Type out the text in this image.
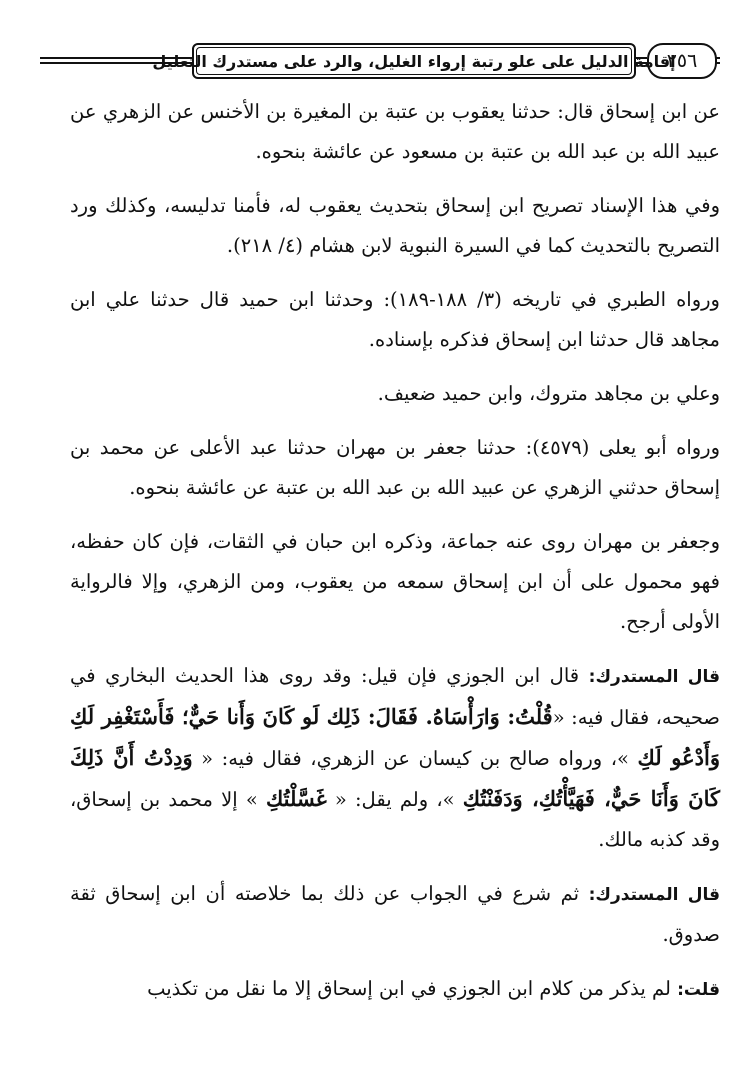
إقامة الدليل على علو رتبة إرواء الغليل، والرد على مستدرك التعليل
٢٥٦

عن ابن إسحاق قال: حدثنا يعقوب بن عتبة بن المغيرة بن الأخنس عن الزهري عن عبيد الله بن عبد الله بن عتبة بن مسعود عن عائشة بنحوه.

وفي هذا الإسناد تصريح ابن إسحاق بتحديث يعقوب له، فأمنا تدليسه، وكذلك ورد التصريح بالتحديث كما في السيرة النبوية لابن هشام (٤/ ٢١٨).

ورواه الطبري في تاريخه (٣/ ١٨٨-١٨٩): وحدثنا ابن حميد قال حدثنا علي ابن مجاهد قال حدثنا ابن إسحاق فذكره بإسناده.

وعلي بن مجاهد متروك، وابن حميد ضعيف.

ورواه أبو يعلى (٤٥٧٩): حدثنا جعفر بن مهران حدثنا عبد الأعلى عن محمد بن إسحاق حدثني الزهري عن عبيد الله بن عبد الله بن عتبة عن عائشة بنحوه.

وجعفر بن مهران روى عنه جماعة، وذكره ابن حبان في الثقات، فإن كان حفظه، فهو محمول على أن ابن إسحاق سمعه من يعقوب، ومن الزهري، وإلا فالرواية الأولى أرجح.

قال المستدرك: قال ابن الجوزي فإن قيل: وقد روى هذا الحديث البخاري في صحيحه، فقال فيه: «قُلْتُ: وَارَأْسَاهُ. فَقَالَ: ذَلِك لَو كَانَ وَأَنا حَيٌّ؛ فَأَسْتَغْفِر لَكِ وَأَدْعُو لَكِ »، ورواه صالح بن كيسان عن الزهري، فقال فيه: « وَدِدْتُ أَنَّ ذَلِكَ كَانَ وَأَنَا حَيٌّ، فَهَيَّأْتُكِ، وَدَفَنْتُكِ »، ولم يقل: « غَسَّلْتُكِ » إلا محمد بن إسحاق، وقد كذبه مالك.

قال المستدرك: ثم شرع في الجواب عن ذلك بما خلاصته أن ابن إسحاق ثقة صدوق.

قلت: لم يذكر من كلام ابن الجوزي في ابن إسحاق إلا ما نقل من تكذيب
